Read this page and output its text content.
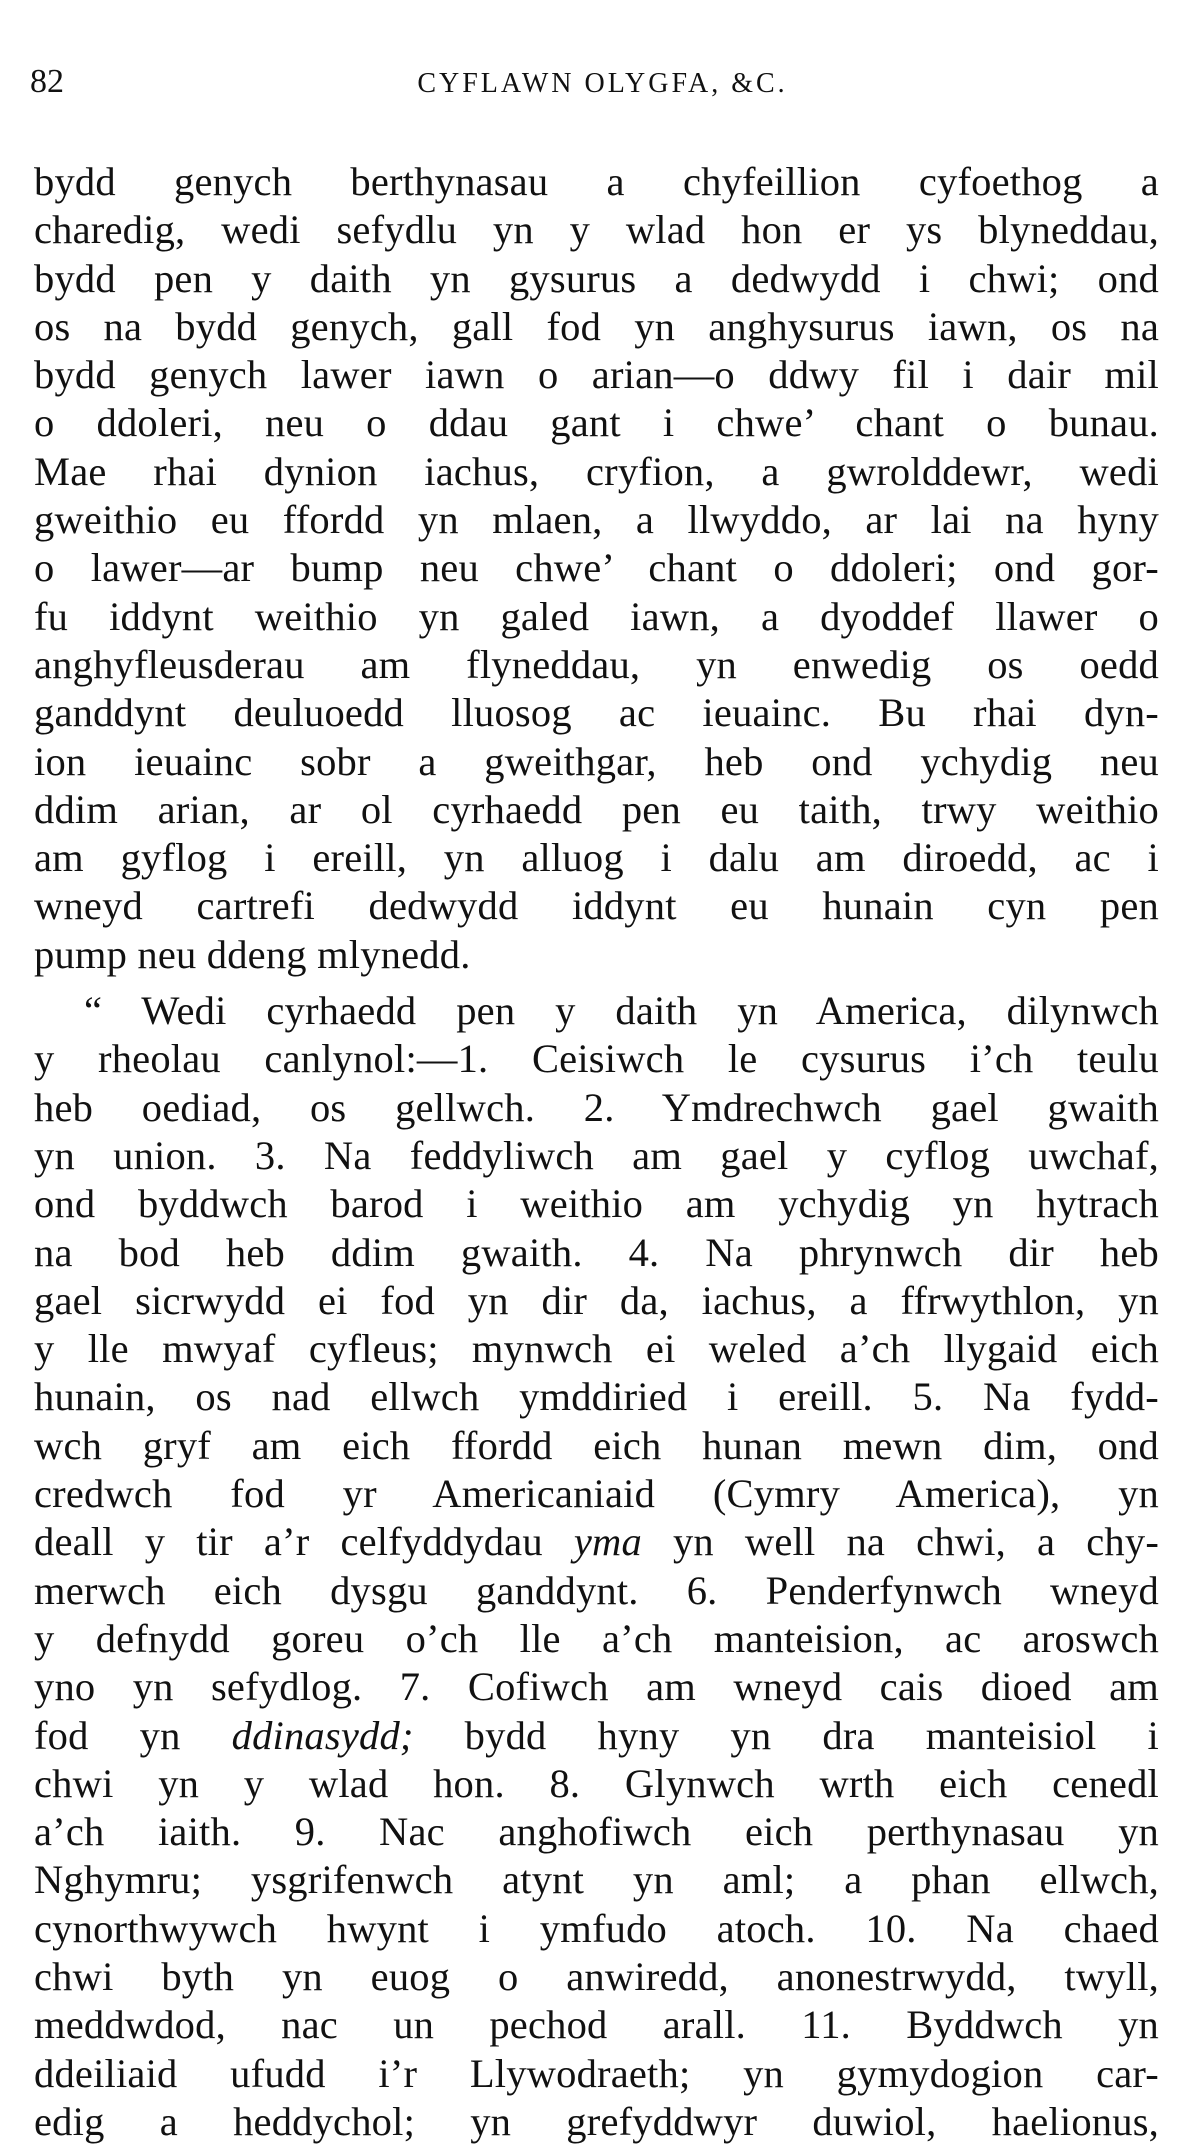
82	CYFLAWN OLYGFA, &C.
bydd genych berthynasau a chyfeillion cyfoethog a
charedig, wedi sefydlu yn y wlad hon er ys blyneddau,
bydd pen y daith yn gysurus a dedwydd i chwi; ond
os na bydd genych, gall fod yn anghysurus iawn, os na
bydd genych lawer iawn o arian—o ddwy fil i dair mil
o ddoleri, neu o ddau gant i chwe’ chant o bunau.
Mae rhai dynion iachus, cryfion, a gwrolddewr, wedi
gweithio eu ffordd yn mlaen, a llwyddo, ar lai na hyny
o lawer—ar bump neu chwe’ chant o ddoleri; ond gor-
fu iddynt weithio yn galed iawn, a dyoddef llawer o
anghyfleusderau am flyneddau, yn enwedig os oedd
ganddynt deuluoedd lluosog ac ieuainc. Bu rhai dyn-
ion ieuainc sobr a gweithgar, heb ond ychydig neu
ddim arian, ar ol cyrhaedd pen eu taith, trwy weithio
am gyflog i ereill, yn alluog i dalu am diroedd, ac i
wneyd cartrefi dedwydd iddynt eu hunain cyn pen
pump neu ddeng mlynedd.
“ Wedi cyrhaedd pen y daith yn America, dilynwch
y rheolau canlynol:—1. Ceisiwch le cysurus i’ch teulu
heb oediad, os gellwch. 2. Ymdrechwch gael gwaith
yn union. 3. Na feddyliwch am gael y cyflog uwchaf,
ond byddwch barod i weithio am ychydig yn hytrach
na bod heb ddim gwaith. 4. Na phrynwch dir heb
gael sicrwydd ei fod yn dir da, iachus, a ffrwythlon, yn
y lle mwyaf cyfleus; mynwch ei weled a’ch llygaid eich
hunain, os nad ellwch ymddiried i ereill. 5. Na fydd-
wch gryf am eich ffordd eich hunan mewn dim, ond
credwch fod yr Americaniaid (Cymry America), yn
deall y tir a’r celfyddydau yma yn well na chwi, a chy-
merwch eich dysgu ganddynt. 6. Penderfynwch wneyd
y defnydd goreu o’ch lle a’ch manteision, ac aroswch
yno yn sefydlog. 7. Cofiwch am wneyd cais dioed am
fod yn ddinasydd; bydd hyny yn dra manteisiol i
chwi yn y wlad hon. 8. Glynwch wrth eich cenedl
a’ch iaith. 9. Nac anghofiwch eich perthynasau yn
Nghymru; ysgrifenwch atynt yn aml; a phan ellwch,
cynorthwywch hwynt i ymfudo atoch. 10. Na chaed
chwi byth yn euog o anwiredd, anonestrwydd, twyll,
meddwdod, nac un pechod arall. 11. Byddwch yn
ddeiliaid ufudd i’r Llywodraeth; yn gymydogion car-
edig a heddychol; yn grefyddwyr duwiol, haelionus,
